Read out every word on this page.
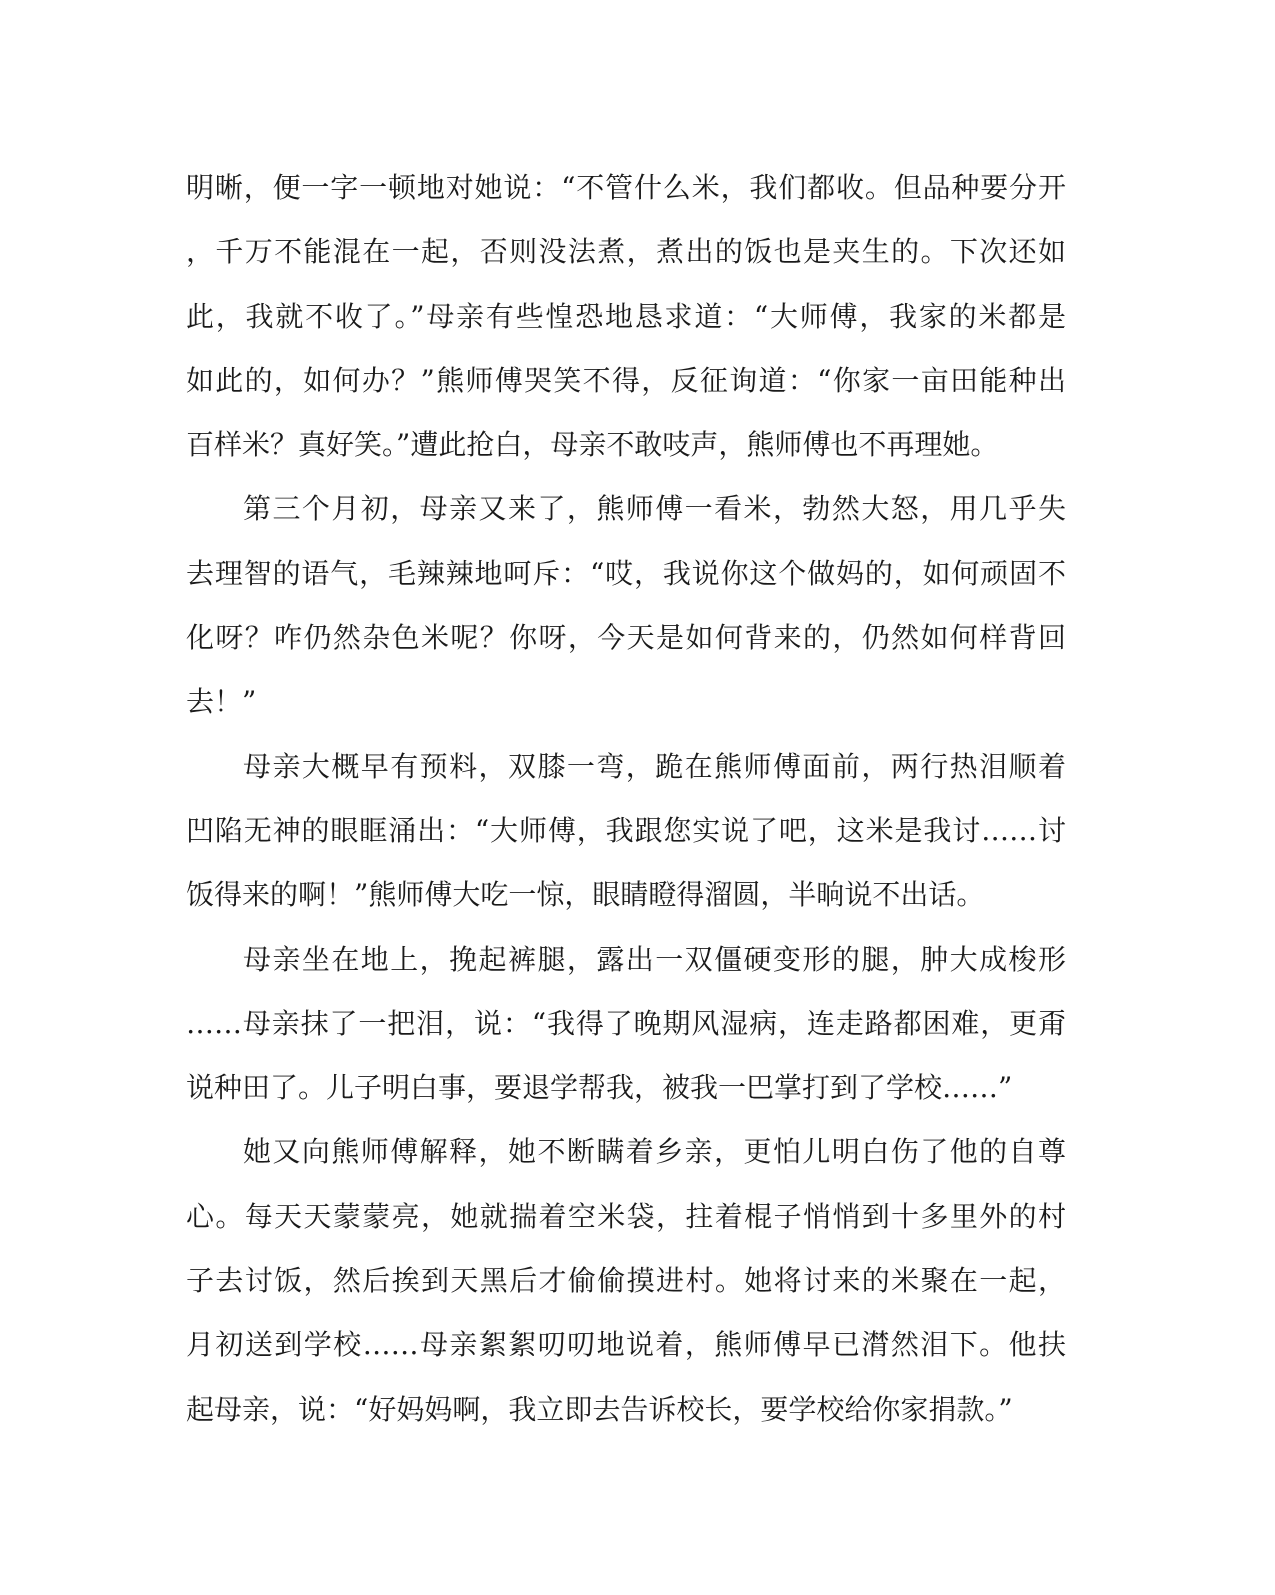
明晰，便一字一顿地对她说：“不管什么米，我们都收。但品种要分开
，千万不能混在一起，否则没法煮，煮出的饭也是夹生的。下次还如
此，我就不收了。”母亲有些惶恐地恳求道：“大师傅，我家的米都是
如此的，如何办？”熊师傅哭笑不得，反征询道：“你家一亩田能种出
百样米？真好笑。”遭此抢白，母亲不敢吱声，熊师傅也不再理她。
第三个月初，母亲又来了，熊师傅一看米，勃然大怒，用几乎失
去理智的语气，毛辣辣地呵斥：“哎，我说你这个做妈的，如何顽固不
化呀？咋仍然杂色米呢？你呀，今天是如何背来的，仍然如何样背回
去！”
母亲大概早有预料，双膝一弯，跪在熊师傅面前，两行热泪顺着
凹陷无神的眼眶涌出：“大师傅，我跟您实说了吧，这米是我讨……讨
饭得来的啊！”熊师傅大吃一惊，眼睛瞪得溜圆，半晌说不出话。
母亲坐在地上，挽起裤腿，露出一双僵硬变形的腿，肿大成梭形
……母亲抹了一把泪，说：“我得了晚期风湿病，连走路都困难，更甭
说种田了。儿子明白事，要退学帮我，被我一巴掌打到了学校……”
她又向熊师傅解释，她不断瞒着乡亲，更怕儿明白伤了他的自尊
心。每天天蒙蒙亮，她就揣着空米袋，拄着棍子悄悄到十多里外的村
子去讨饭，然后挨到天黑后才偷偷摸进村。她将讨来的米聚在一起，
月初送到学校……母亲絮絮叨叨地说着，熊师傅早已潸然泪下。他扶
起母亲，说：“好妈妈啊，我立即去告诉校长，要学校给你家捐款。”
